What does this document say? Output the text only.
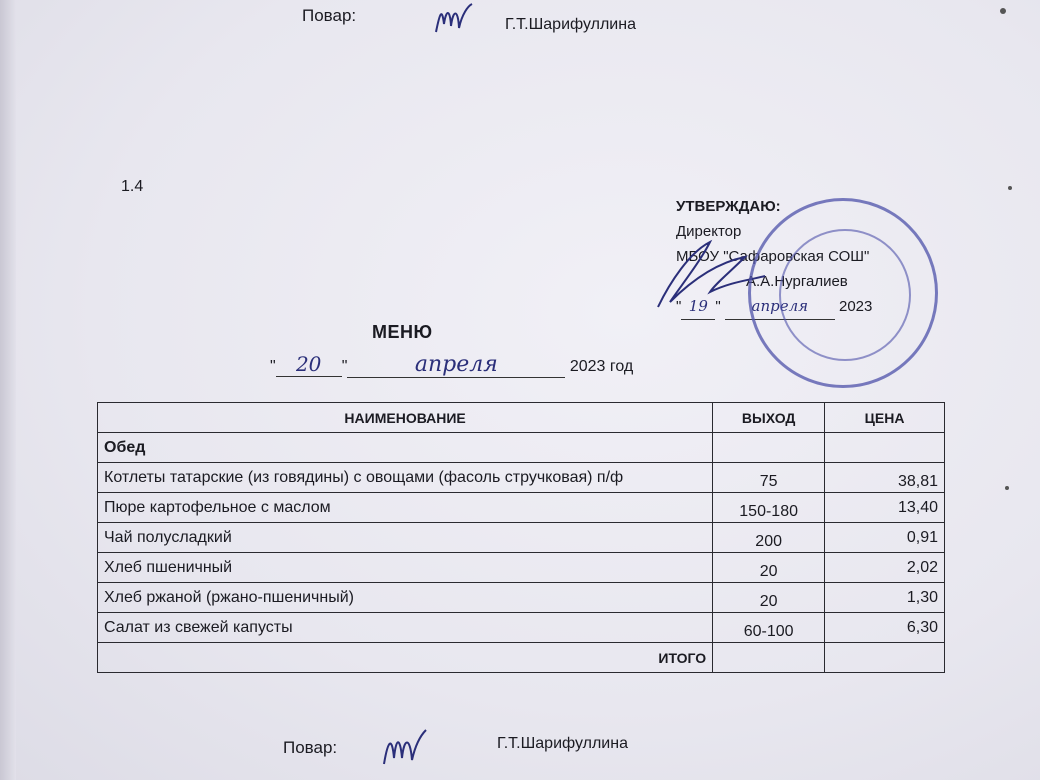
Повар:	Г.Т.Шарифуллина
1.4
УТВЕРЖДАЮ:
Директор
МБОУ "Сафаровская СОШ"
А.А.Нургалиев
" 19 " апреля 2023
МЕНЮ
" 20 "	апреля	2023 год
НАИМЕНОВАНИЕ	ВЫХОД	ЦЕНА
Обед		
Котлеты татарские (из говядины) с овощами (фасоль стручковая) п/ф	75	38,81
Пюре картофельное с маслом	150-180	13,40
Чай полусладкий	200	0,91
Хлеб пшеничный	20	2,02
Хлеб ржаной (ржано-пшеничный)	20	1,30
Салат из свежей капусты	60-100	6,30
ИТОГО		
Повар:	Г.Т.Шарифуллина
